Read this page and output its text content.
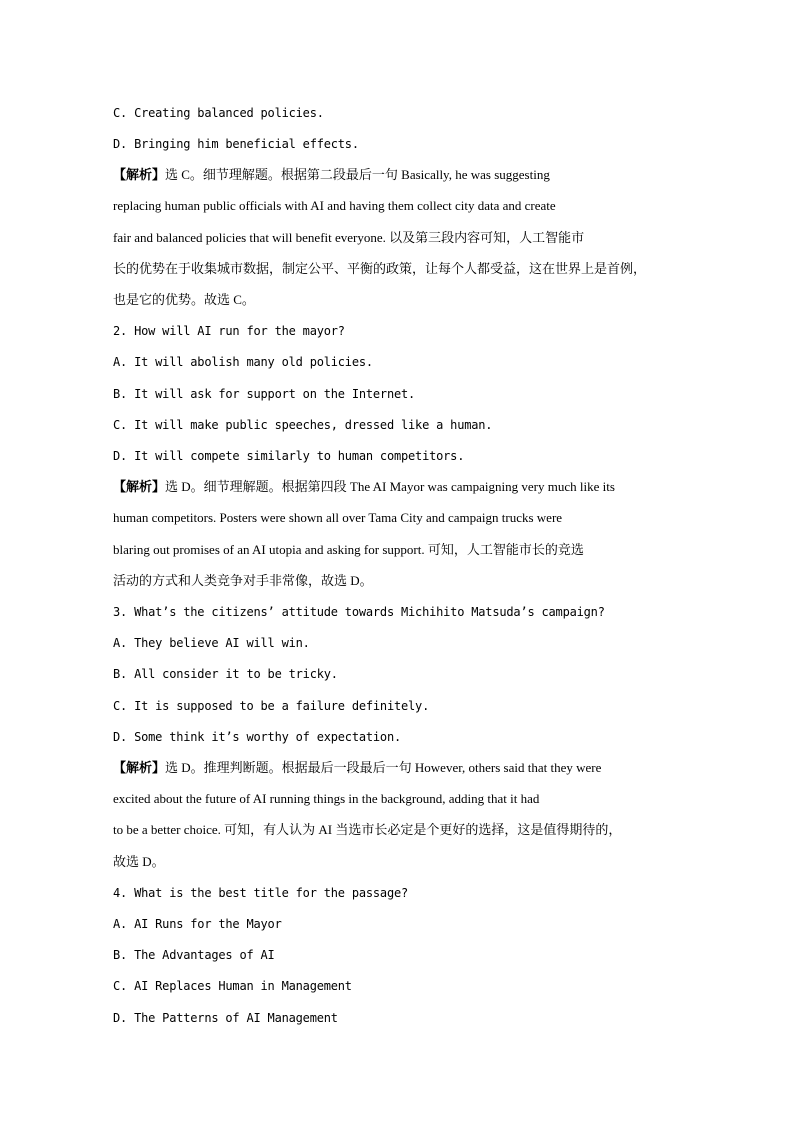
C. Creating balanced policies.
D. Bringing him beneficial effects.
【解析】选 C。细节理解题。根据第二段最后一句 Basically, he was suggesting
replacing human public officials with AI and having them collect city data and create
fair and balanced policies that will benefit everyone. 以及第三段内容可知，人工智能市
长的优势在于收集城市数据，制定公平、平衡的政策，让每个人都受益，这在世界上是首例，
也是它的优势。故选 C。
2. How will AI run for the mayor?
A. It will abolish many old policies.
B. It will ask for support on the Internet.
C. It will make public speeches, dressed like a human.
D. It will compete similarly to human competitors.
【解析】选 D。细节理解题。根据第四段 The AI Mayor was campaigning very much like its
human competitors. Posters were shown all over Tama City and campaign trucks were
blaring out promises of an AI utopia and asking for support. 可知，人工智能市长的竞选
活动的方式和人类竞争对手非常像，故选 D。
3. What’s the citizens’ attitude towards Michihito Matsuda’s campaign?
A. They believe AI will win.
B. All consider it to be tricky.
C. It is supposed to be a failure definitely.
D. Some think it’s worthy of expectation.
【解析】选 D。推理判断题。根据最后一段最后一句 However, others said that they were
excited about the future of AI running things in the background, adding that it had
to be a better choice. 可知，有人认为 AI 当选市长必定是个更好的选择，这是值得期待的，
故选 D。
4. What is the best title for the passage?
A. AI Runs for the Mayor
B. The Advantages of AI
C. AI Replaces Human in Management
D. The Patterns of AI Management
